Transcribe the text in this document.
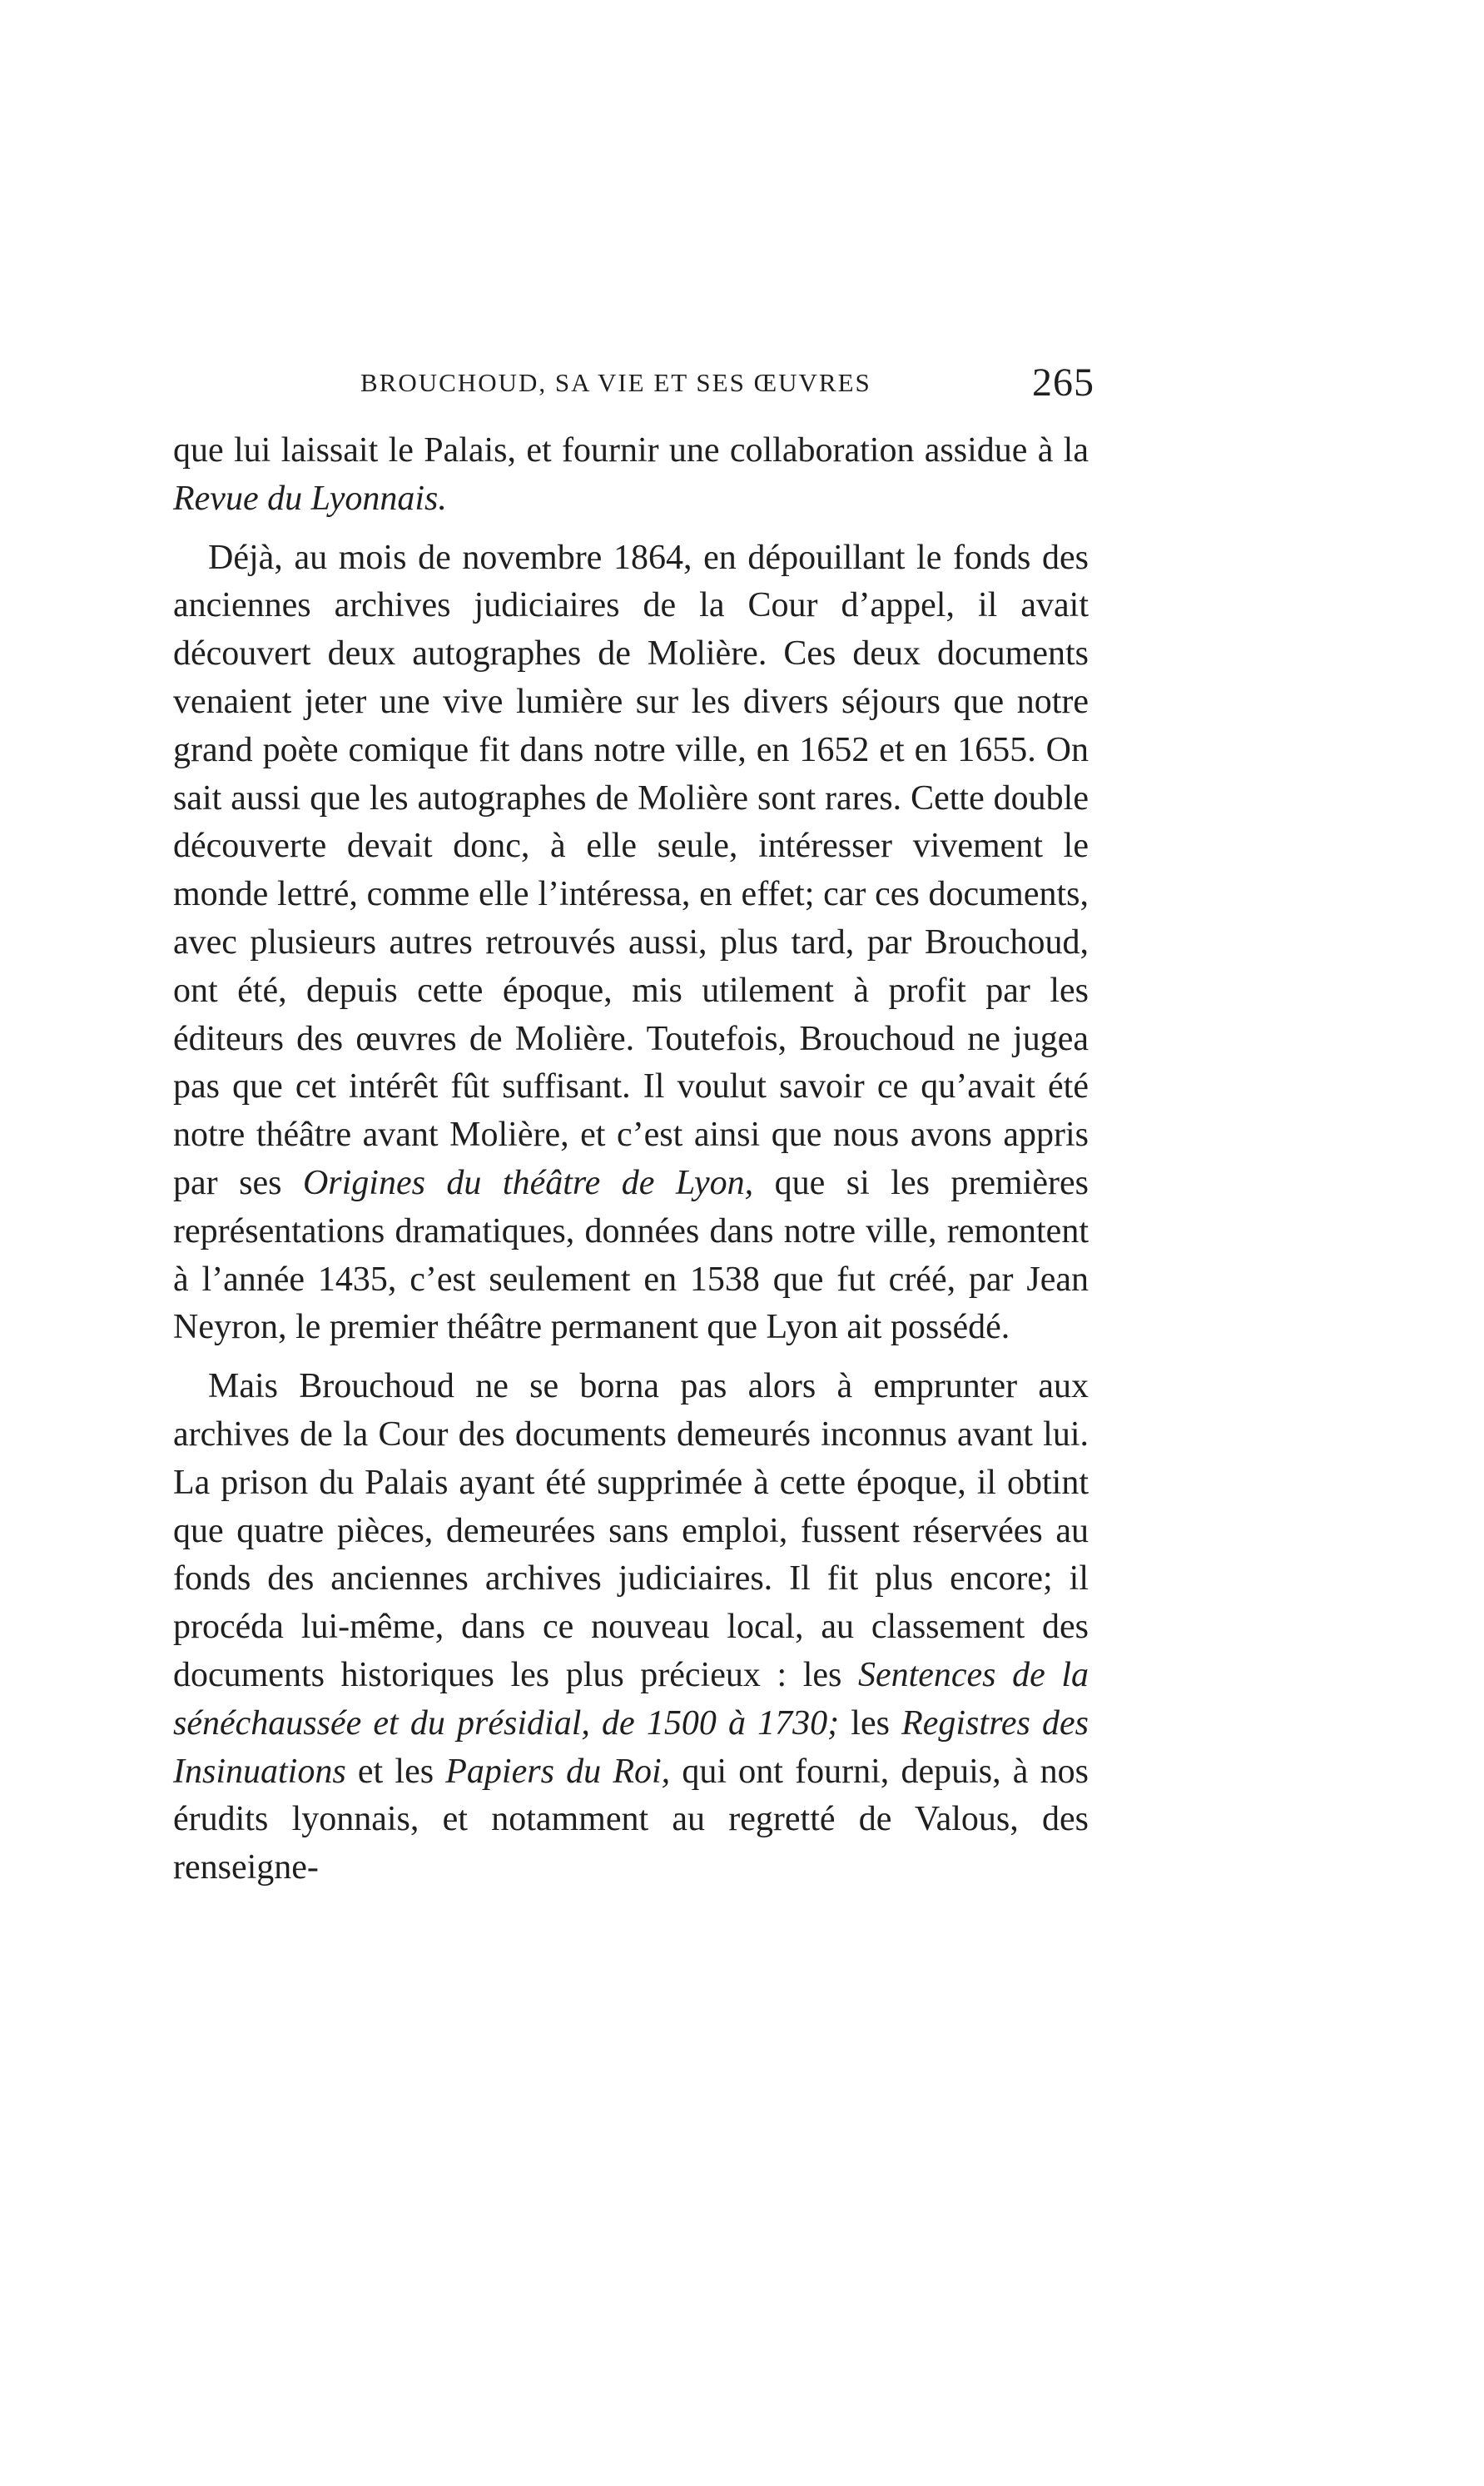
BROUCHOUD, SA VIE ET SES ŒUVRES	265

que lui laissait le Palais, et fournir une collaboration assidue à la Revue du Lyonnais.

Déjà, au mois de novembre 1864, en dépouillant le fonds des anciennes archives judiciaires de la Cour d’appel, il avait découvert deux autographes de Molière. Ces deux documents venaient jeter une vive lumière sur les divers séjours que notre grand poète comique fit dans notre ville, en 1652 et en 1655. On sait aussi que les autographes de Molière sont rares. Cette double découverte devait donc, à elle seule, intéresser vivement le monde lettré, comme elle l’intéressa, en effet; car ces documents, avec plusieurs autres retrouvés aussi, plus tard, par Brouchoud, ont été, depuis cette époque, mis utilement à profit par les éditeurs des œuvres de Molière. Toutefois, Brouchoud ne jugea pas que cet intérêt fût suffisant. Il voulut savoir ce qu’avait été notre théâtre avant Molière, et c’est ainsi que nous avons appris par ses Origines du théâtre de Lyon, que si les premières représentations dramatiques, données dans notre ville, remontent à l’année 1435, c’est seulement en 1538 que fut créé, par Jean Neyron, le premier théâtre permanent que Lyon ait possédé.

Mais Brouchoud ne se borna pas alors à emprunter aux archives de la Cour des documents demeurés inconnus avant lui. La prison du Palais ayant été supprimée à cette époque, il obtint que quatre pièces, demeurées sans emploi, fussent réservées au fonds des anciennes archives judiciaires. Il fit plus encore; il procéda lui-même, dans ce nouveau local, au classement des documents historiques les plus précieux : les Sentences de la sénéchaussée et du présidial, de 1500 à 1730; les Registres des Insinuations et les Papiers du Roi, qui ont fourni, depuis, à nos érudits lyonnais, et notamment au regretté de Valous, des renseigne-
